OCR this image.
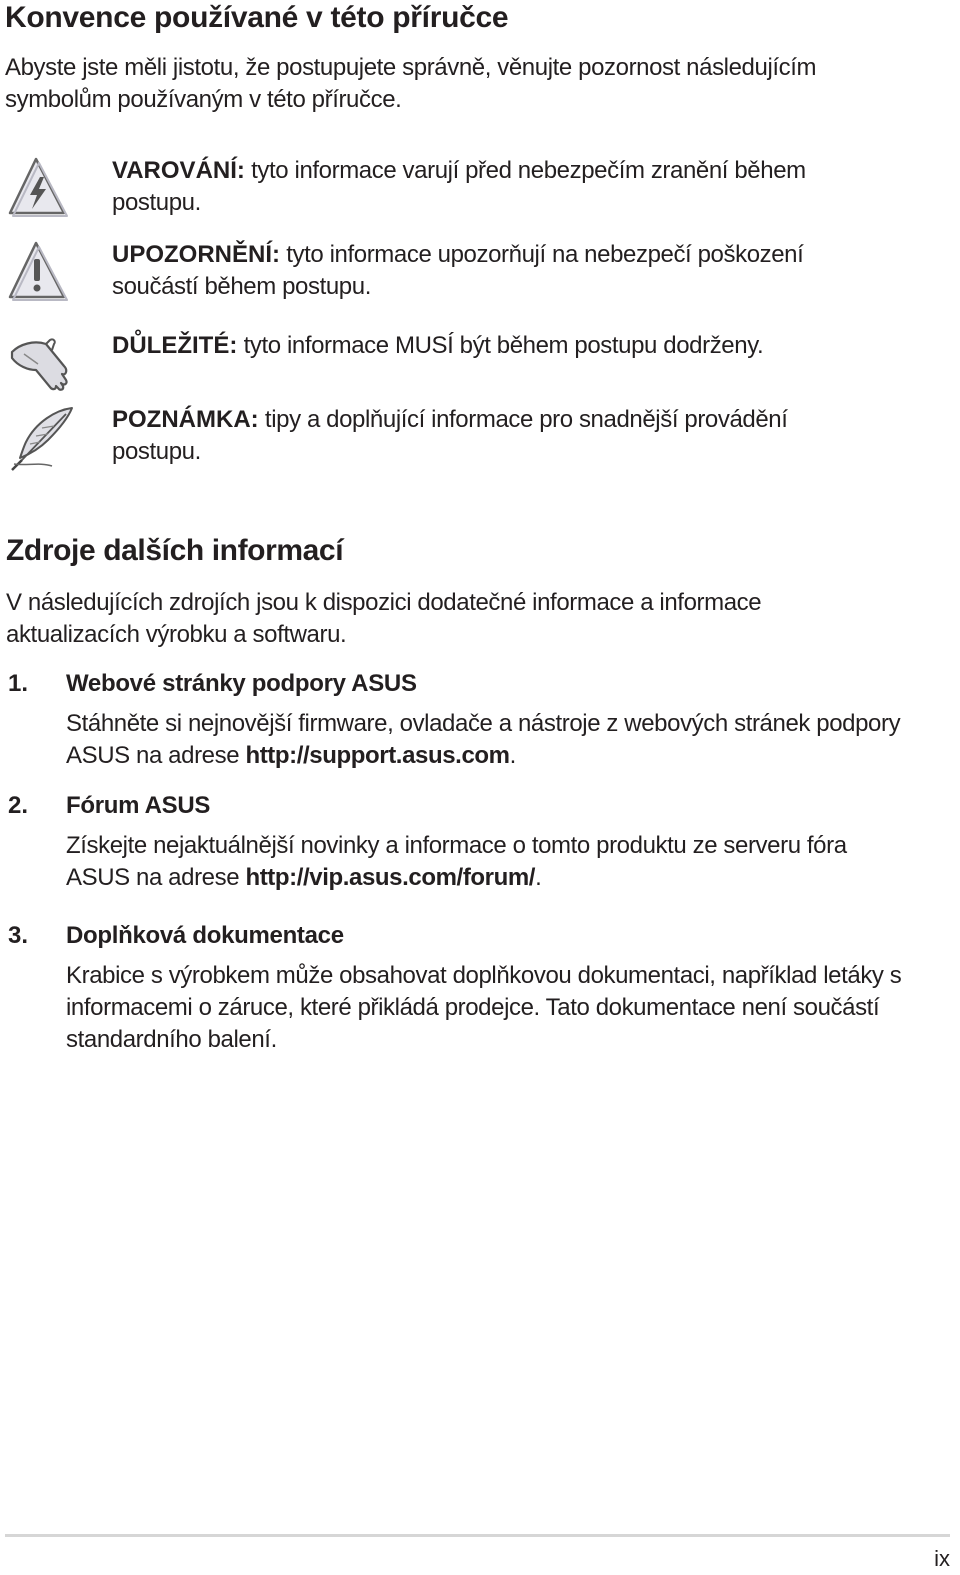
Konvence používané v této příručce
Abyste jste měli jistotu, že postupujete správně, věnujte pozornost následujícím symbolům používaným v této příručce.
VAROVÁNÍ: tyto informace varují před nebezpečím zranění během postupu.
UPOZORNĚNÍ: tyto informace upozorňují na nebezpečí poškození součástí během postupu.
DŮLEŽITÉ: tyto informace MUSÍ být během postupu dodrženy.
POZNÁMKA: tipy a doplňující informace pro snadnější provádění postupu.
Zdroje dalších informací
V následujících zdrojích jsou k dispozici dodatečné informace a informace aktualizacích výrobku a softwaru.
1. Webové stránky podpory ASUS
Stáhněte si nejnovější firmware, ovladače a nástroje z webových stránek podpory ASUS na adrese http://support.asus.com.
2. Fórum ASUS
Získejte nejaktuálnější novinky a informace o tomto produktu ze serveru fóra ASUS na adrese http://vip.asus.com/forum/.
3. Doplňková dokumentace
Krabice s výrobkem může obsahovat doplňkovou dokumentaci, například letáky s informacemi o záruce, které přikládá prodejce. Tato dokumentace není součástí standardního balení.
ix
